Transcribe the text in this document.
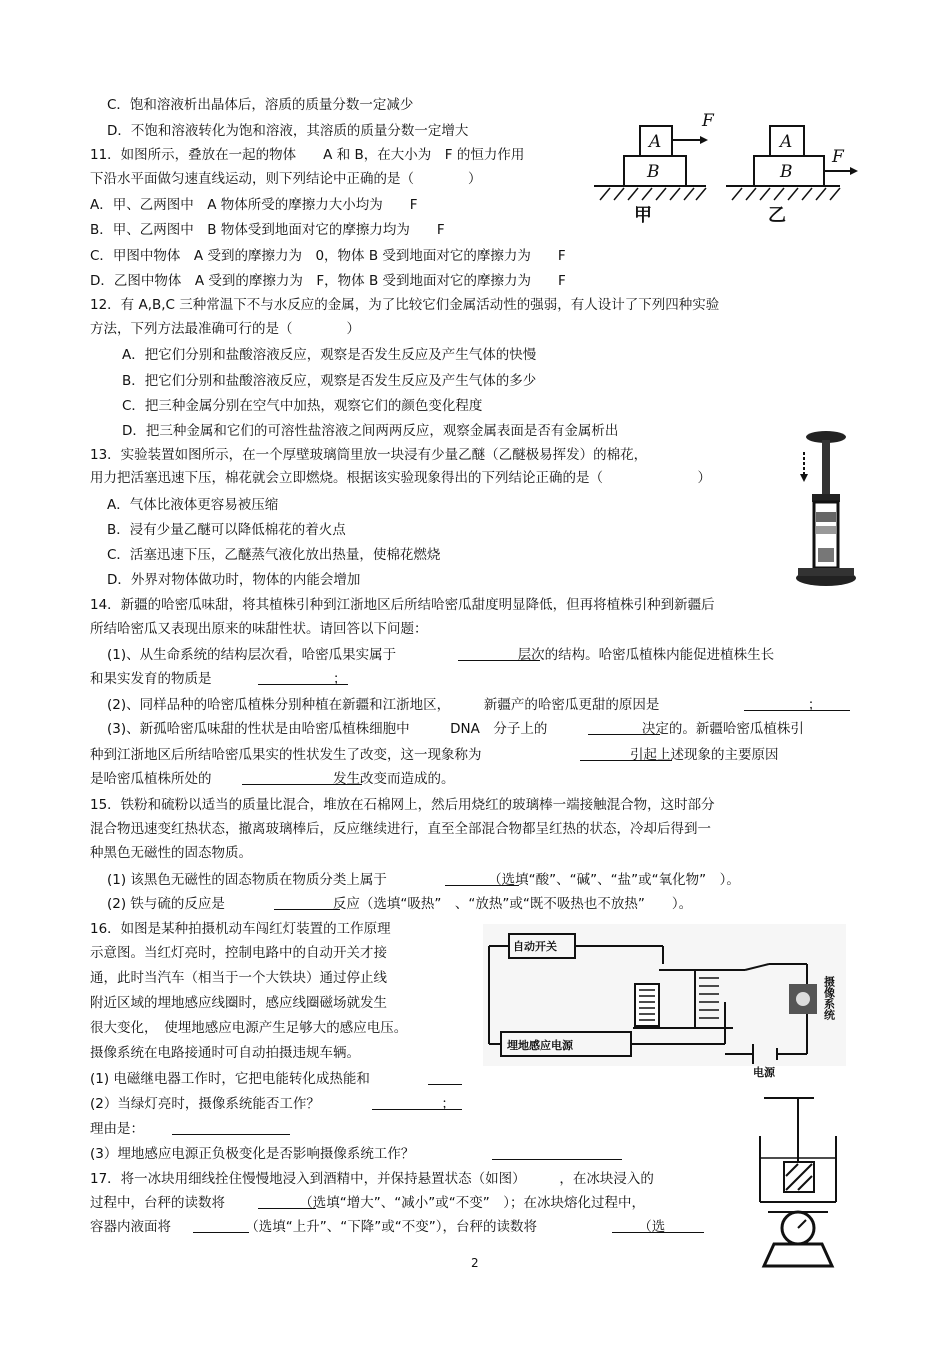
C．饱和溶液析出晶体后，溶质的质量分数一定减少
D．不饱和溶液转化为饱和溶液，其溶质的质量分数一定增大
11．如图所示，叠放在一起的物体　　A 和 B，在大小为　F 的恒力作用
下沿水平面做匀速直线运动，则下列结论中正确的是（　　　　）
A．甲、乙两图中　A 物体所受的摩擦力大小均为　　F
B．甲、乙两图中　B 物体受到地面对它的摩擦力均为　　F
C．甲图中物体　A 受到的摩擦力为　0，物体 B 受到地面对它的摩擦力为　　F
D．乙图中物体　A 受到的摩擦力为　F，物体 B 受到地面对它的摩擦力为　　F
12．有 A,B,C 三种常温下不与水反应的金属，为了比较它们金属活动性的强弱，有人设计了下列四种实验
方法，下列方法最准确可行的是（　　　　）
A．把它们分别和盐酸溶液反应，观察是否发生反应及产生气体的快慢
B．把它们分别和盐酸溶液反应，观察是否发生反应及产生气体的多少
C．把三种金属分别在空气中加热，观察它们的颜色变化程度
D．把三种金属和它们的可溶性盐溶液之间两两反应，观察金属表面是否有金属析出
13．实验装置如图所示，在一个厚壁玻璃筒里放一块浸有少量乙醚（乙醚极易挥发）的棉花，
用力把活塞迅速下压，棉花就会立即燃烧。根据该实验现象得出的下列结论正确的是（　　　　　　　）
A．气体比液体更容易被压缩
B．浸有少量乙醚可以降低棉花的着火点
C．活塞迅速下压，乙醚蒸气液化放出热量，使棉花燃烧
D．外界对物体做功时，物体的内能会增加
14．新疆的哈密瓜味甜，将其植株引种到江浙地区后所结哈密瓜甜度明显降低，但再将植株引种到新疆后
所结哈密瓜又表现出原来的味甜性状。请回答以下问题：
(1)、从生命系统的结构层次看，哈密瓜果实属于　　　　　　　　　层次的结构。哈密瓜植株内能促进植株生长
和果实发育的物质是　　　　　　　　　；
(2)、同样品种的哈密瓜植株分别种植在新疆和江浙地区，　　　新疆产的哈密瓜更甜的原因是　　　　　　　　　　　；
(3)、新孤哈密瓜味甜的性状是由哈密瓜植株细胞中　　　DNA　分子上的　　　　　　　决定的。新疆哈密瓜植株引
种到江浙地区后所结哈密瓜果实的性状发生了改变，这一现象称为　　　　　　　　　　　引起上述现象的主要原因
是哈密瓜植株所处的　　　　　　　　　发生改变而造成的。
15．铁粉和硫粉以适当的质量比混合，堆放在石棉网上，然后用烧红的玻璃棒一端接触混合物，这时部分
混合物迅速变红热状态，撤离玻璃棒后，反应继续进行，直至全部混合物都呈红热的状态，冷却后得到一
种黑色无磁性的固态物质。
(1) 该黑色无磁性的固态物质在物质分类上属于　　　　　　　　（选填“酸”、“碱”、“盐”或“氧化物”　）。
(2) 铁与硫的反应是　　　　　　　　反应（选填“吸热”　、“放热”或“既不吸热也不放热”　　）。
16．如图是某种拍摄机动车闯红灯装置的工作原理
示意图。当红灯亮时，控制电路中的自动开关才接
通，此时当汽车（相当于一个大铁块）通过停止线
附近区域的埋地感应线圈时，感应线圈磁场就发生
很大变化，　使埋地感应电源产生足够大的感应电压。
摄像系统在电路接通时可自动拍摄违规车辆。
(1) 电磁继电器工作时，它把电能转化成热能和　　　　
(2）当绿灯亮时，摄像系统能否工作？　　　　　　　　　；
理由是：
(3）埋地感应电源正负极变化是否影响摄像系统工作？
17．将一冰块用细线拴住慢慢地浸入到酒精中，并保持悬置状态（如图）　　　，在冰块浸入的
过程中，台秤的读数将　　　　　　（选填“增大”、“减小”或“不变”　）；在冰块熔化过程中，
容器内液面将　　　　　　（选填“上升”、“下降”或“不变”），台秤的读数将　　　　　　　　（选
A
B
F
A
B
F
甲	乙
自动开关
埋地感应电源
电源
摄像系统
2
